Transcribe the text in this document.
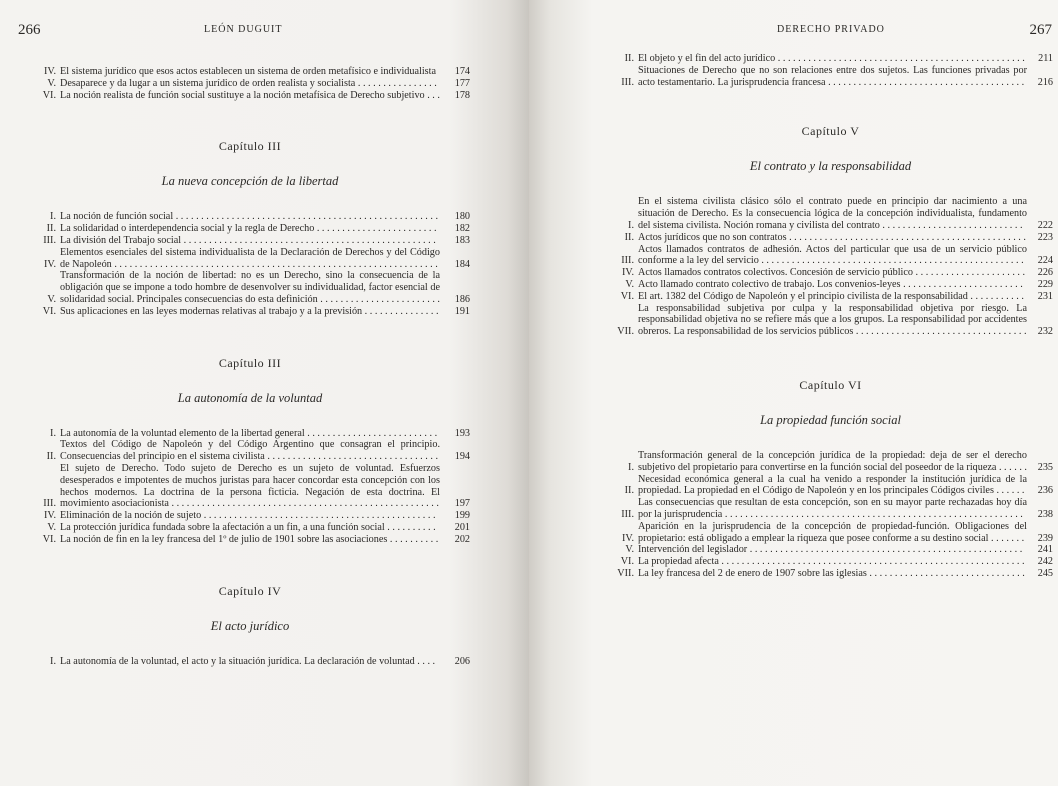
266	LEÓN DUGUIT
IV. El sistema jurídico que esos actos establecen un sistema de orden metafísico e individualista	174
V. Desaparece y da lugar a un sistema jurídico de orden realista y socialista . . . . . . . . . . . . . . . .	177
VI. La noción realista de función social sustituye a la noción metafísica de Derecho subjetivo . . .	178
Capítulo III
La nueva concepción de la libertad
I. La noción de función social . . . . . . . . . . . . . . . . . . . . . . . . . . . . . . . . . . . . . . . . . . . . . . . . . . . .	180
II. La solidaridad o interdependencia social y la regla de Derecho . . . . . . . . . . . . . . . . . . . . . . . .	182
III. La división del Trabajo social . . . . . . . . . . . . . . . . . . . . . . . . . . . . . . . . . . . . . . . . . . . . . . . . . .	183
IV.
Elementos esenciales del sistema individualista de la Declaración de Derechos y del Código de Napoleón . . . . . . . . . . . . . . . . . . . . . . . . . . . . . . . . . . . . . . . . . . . . . . . . . . . . . . . . . . . . . . . .	184
V.
Transformación de la noción de libertad: no es un Derecho, sino la consecuencia de la obligación que se impone a todo hombre de desenvolver su individualidad, factor esencial de solidaridad social. Principales consecuencias do esta definición . . . . . . . . . . . . . . . . . . . . . . . .	186
VI. Sus aplicaciones en las leyes modernas relativas al trabajo y a la previsión . . . . . . . . . . . . . . .	191
Capítulo III
La autonomía de la voluntad
I. La autonomía de la voluntad elemento de la libertad general . . . . . . . . . . . . . . . . . . . . . . . . . .	193
II.
Textos del Código de Napoleón y del Código Argentino que consagran el principio. Consecuencias del principio en el sistema civilista . . . . . . . . . . . . . . . . . . . . . . . . . . . . . . . . . .	194
III.
El sujeto de Derecho. Todo sujeto de Derecho es un sujeto de voluntad. Esfuerzos desesperados e impotentes de muchos juristas para hacer concordar esta concepción con los hechos modernos. La doctrina de la persona ficticia. Negación de esta doctrina. El movimiento asociacionista . . . . . . . . . . . . . . . . . . . . . . . . . . . . . . . . . . . . . . . . . . . . . . . . . . . . .	197
IV. Eliminación de la noción de sujeto . . . . . . . . . . . . . . . . . . . . . . . . . . . . . . . . . . . . . . . . . . . . . .	199
V. La protección jurídica fundada sobre la afectación a un fin, a una función social . . . . . . . . . .	201
VI. La noción de fin en la ley francesa del 1º de julio de 1901 sobre las asociaciones . . . . . . . . . .	202
Capítulo IV
El acto jurídico
I. La autonomía de la voluntad, el acto y la situación jurídica. La declaración de voluntad . . . .	206
DERECHO PRIVADO	267
II. El objeto y el fin del acto jurídico . . . . . . . . . . . . . . . . . . . . . . . . . . . . . . . . . . . . . . . . . . . . . . . . .	211
III.
Situaciones de Derecho que no son relaciones entre dos sujetos. Las funciones privadas por acto testamentario. La jurisprudencia francesa . . . . . . . . . . . . . . . . . . . . . . . . . . . . . . . . . . . . . . .	216
Capítulo V
El contrato y la responsabilidad
I.
En el sistema civilista clásico sólo el contrato puede en principio dar nacimiento a una situación de Derecho. Es la consecuencia lógica de la concepción individualista, fundamento del sistema civilista. Noción romana y civilista del contrato . . . . . . . . . . . . . . . . . . . . . . . . . . . .	222
II. Actos jurídicos que no son contratos . . . . . . . . . . . . . . . . . . . . . . . . . . . . . . . . . . . . . . . . . . . . . . .	223
III.
Actos llamados contratos de adhesión. Actos del particular que usa de un servicio público conforme a la ley del servicio . . . . . . . . . . . . . . . . . . . . . . . . . . . . . . . . . . . . . . . . . . . . . . . . . . . .	224
IV. Actos llamados contratos colectivos. Concesión de servicio público . . . . . . . . . . . . . . . . . . . . . .	226
V. Acto llamado contrato colectivo de trabajo. Los convenios-leyes . . . . . . . . . . . . . . . . . . . . . . . .	229
VI. El art. 1382 del Código de Napoleón y el principio civilista de la responsabilidad . . . . . . . . . . .	231
VII.
La responsabilidad subjetiva por culpa y la responsabilidad objetiva por riesgo. La responsabilidad objetiva no se refiere más que a los grupos. La responsabilidad por accidentes obreros. La responsabilidad de los servicios públicos . . . . . . . . . . . . . . . . . . . . . . . . . . . . . . . . . .	232
Capítulo VI
La propiedad función social
I.
Transformación general de la concepción jurídica de la propiedad: deja de ser el derecho subjetivo del propietario para convertirse en la función social del poseedor de la riqueza . . . . . .	235
II.
Necesidad económica general a la cual ha venido a responder la institución jurídica de la propiedad. La propiedad en el Código de Napoleón y en los principales Códigos civiles . . . . . .	236
III.
Las consecuencias que resultan de esta concepción, son en su mayor parte rechazadas hoy día por la jurisprudencia . . . . . . . . . . . . . . . . . . . . . . . . . . . . . . . . . . . . . . . . . . . . . . . . . . . . . . . . . . .	238
IV.
Aparición en la jurisprudencia de la concepción de propiedad-función. Obligaciones del propietario: está obligado a emplear la riqueza que posee conforme a su destino social . . . . . . .	239
V. Intervención del legislador . . . . . . . . . . . . . . . . . . . . . . . . . . . . . . . . . . . . . . . . . . . . . . . . . . . . . .	241
VI. La propiedad afecta . . . . . . . . . . . . . . . . . . . . . . . . . . . . . . . . . . . . . . . . . . . . . . . . . . . . . . . . . . . .	242
VII. La ley francesa del 2 de enero de 1907 sobre las iglesias . . . . . . . . . . . . . . . . . . . . . . . . . . . . . . .	245
